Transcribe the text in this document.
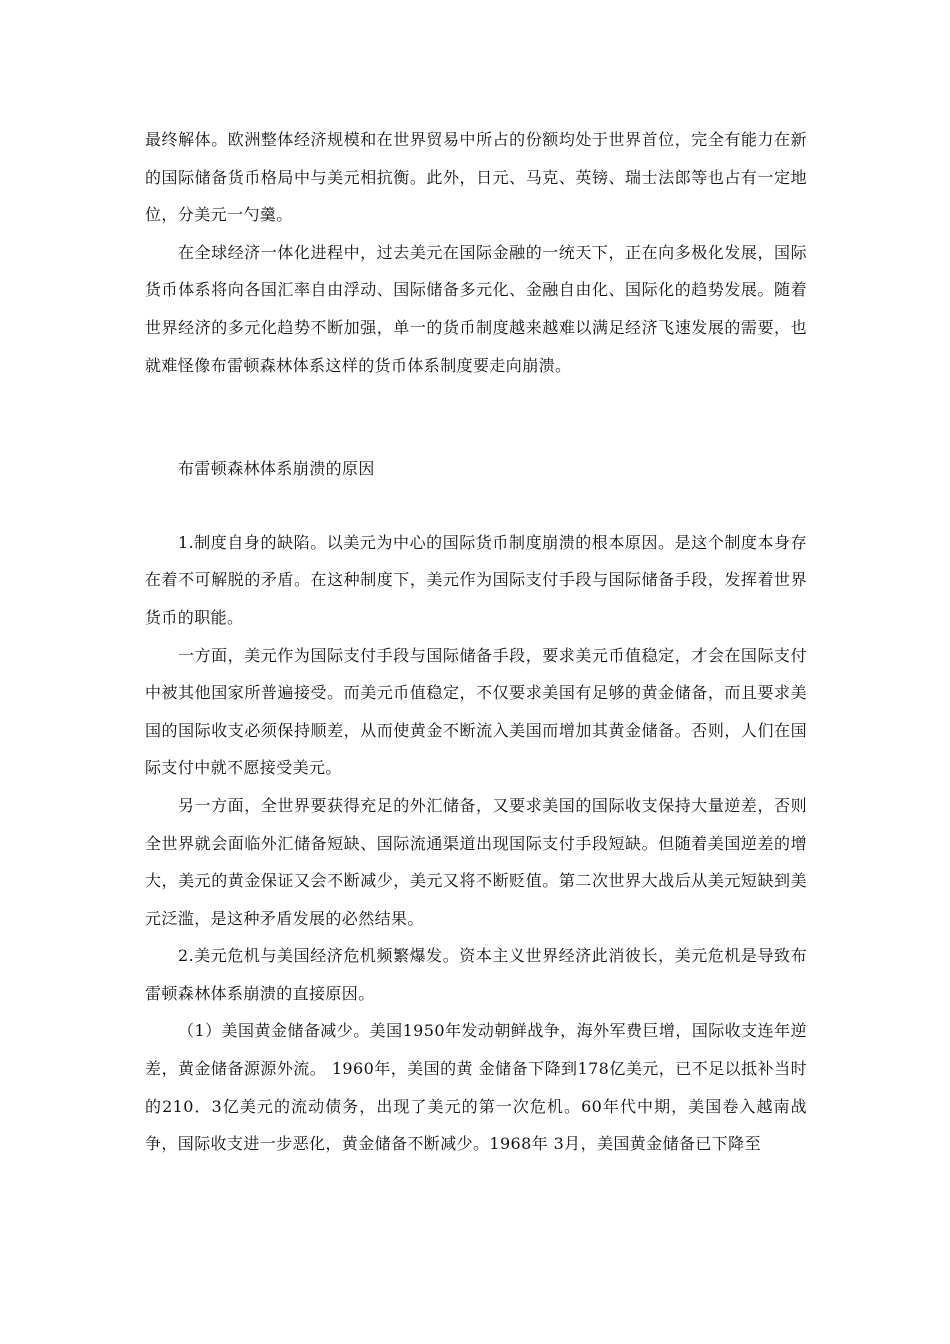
最终解体。欧洲整体经济规模和在世界贸易中所占的份额均处于世界首位，完全有能力在新的国际储备货币格局中与美元相抗衡。此外，日元、马克、英镑、瑞士法郎等也占有一定地位，分美元一勺羹。

在全球经济一体化进程中，过去美元在国际金融的一统天下，正在向多极化发展，国际货币体系将向各国汇率自由浮动、国际储备多元化、金融自由化、国际化的趋势发展。随着世界经济的多元化趋势不断加强，单一的货币制度越来越难以满足经济飞速发展的需要，也就难怪像布雷顿森林体系这样的货币体系制度要走向崩溃。

布雷顿森林体系崩溃的原因

1.制度自身的缺陷。以美元为中心的国际货币制度崩溃的根本原因。是这个制度本身存在着不可解脱的矛盾。在这种制度下，美元作为国际支付手段与国际储备手段，发挥着世界货币的职能。

一方面，美元作为国际支付手段与国际储备手段，要求美元币值稳定，才会在国际支付中被其他国家所普遍接受。而美元币值稳定，不仅要求美国有足够的黄金储备，而且要求美国的国际收支必须保持顺差，从而使黄金不断流入美国而增加其黄金储备。否则，人们在国际支付中就不愿接受美元。

另一方面，全世界要获得充足的外汇储备，又要求美国的国际收支保持大量逆差，否则全世界就会面临外汇储备短缺、国际流通渠道出现国际支付手段短缺。但随着美国逆差的增大，美元的黄金保证又会不断减少，美元又将不断贬值。第二次世界大战后从美元短缺到美元泛滥，是这种矛盾发展的必然结果。

2.美元危机与美国经济危机频繁爆发。资本主义世界经济此消彼长，美元危机是导致布雷顿森林体系崩溃的直接原因。

（1）美国黄金储备减少。美国1950年发动朝鲜战争，海外军费巨增，国际收支连年逆差，黄金储备源源外流。 1960年，美国的黄 金储备下降到178亿美元，已不足以抵补当时的210．3亿美元的流动债务，出现了美元的第一次危机。60年代中期，美国卷入越南战争，国际收支进一步恶化，黄金储备不断减少。1968年 3月，美国黄金储备已下降至
